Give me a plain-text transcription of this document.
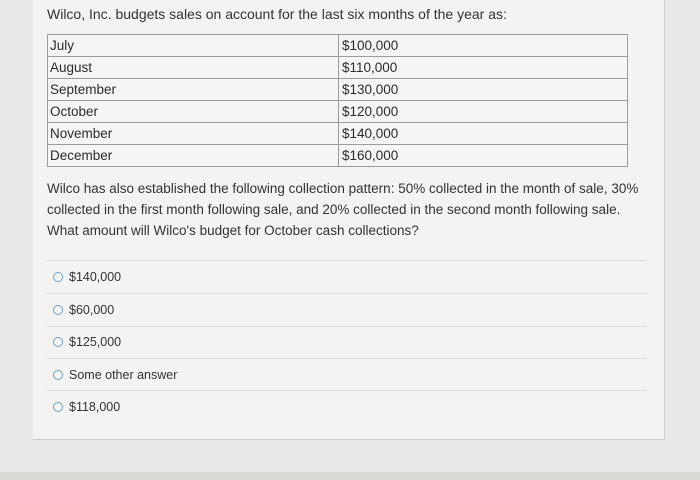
Wilco, Inc. budgets sales on account for the last six months of the year as:
July	$100,000
August	$110,000
September	$130,000
October	$120,000
November	$140,000
December	$160,000
Wilco has also established the following collection pattern: 50% collected in the month of sale, 30%
collected in the first month following sale, and 20% collected in the second month following sale.
What amount will Wilco's budget for October cash collections?
$140,000
$60,000
$125,000
Some other answer
$118,000
